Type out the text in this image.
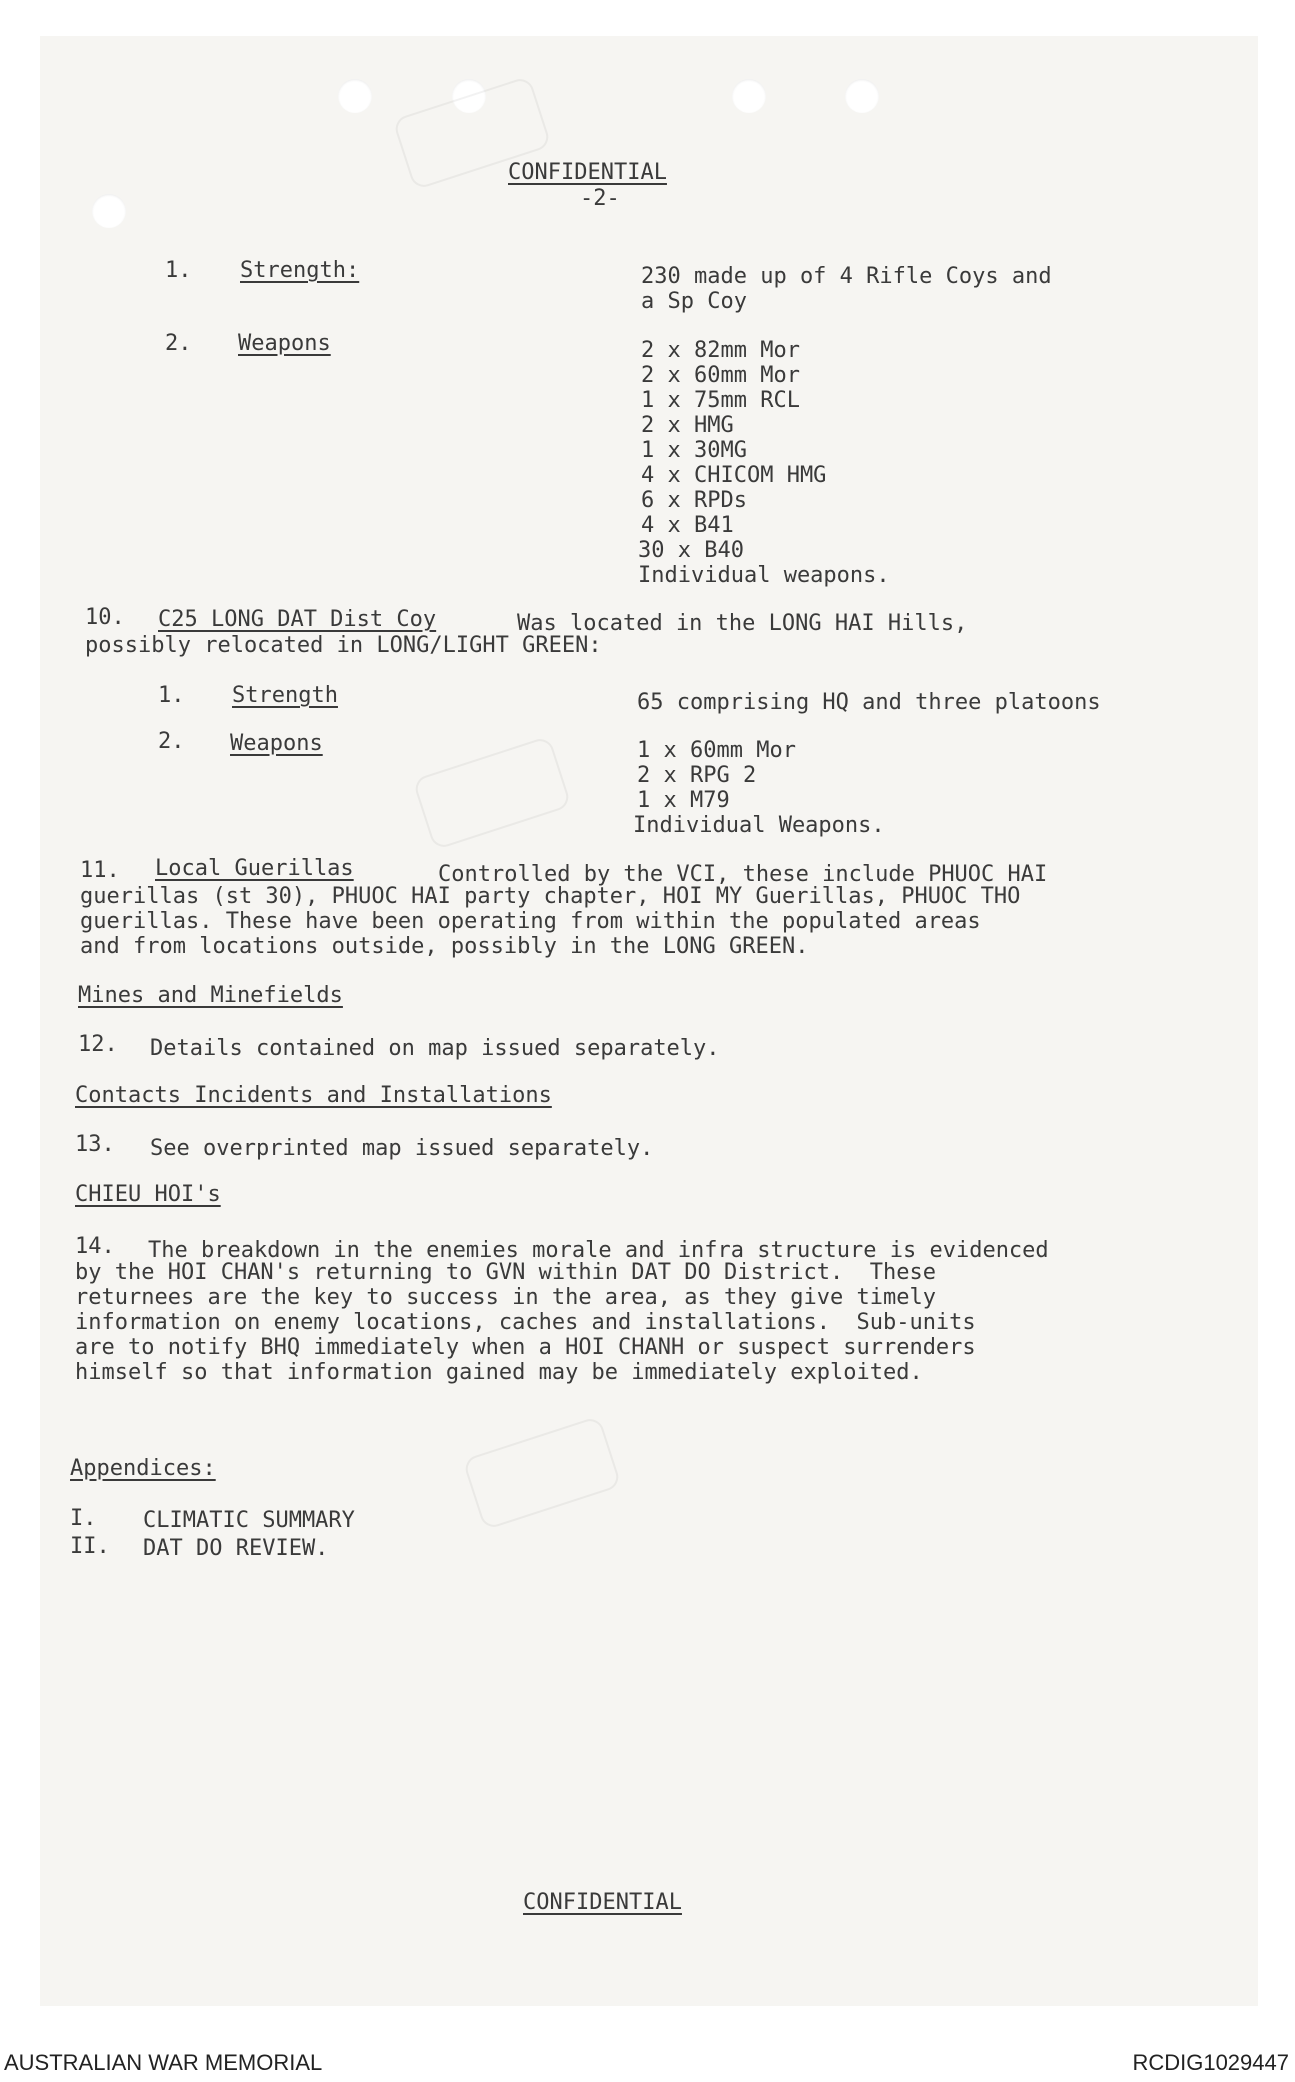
CONFIDENTIAL
-2-
1. Strength:	230 made up of 4 Rifle Coys and
a Sp Coy
2. Weapons	2 x 82mm Mor
2 x 60mm Mor
1 x 75mm RCL
2 x HMG
1 x 30MG
4 x CHICOM HMG
6 x RPDs
4 x B41
30 x B40
Individual weapons.
10. C25 LONG DAT Dist Coy	Was located in the LONG HAI Hills,
possibly relocated in LONG/LIGHT GREEN:
1. Strength	65 comprising HQ and three platoons
2. Weapons	1 x 60mm Mor
2 x RPG 2
1 x M79
Individual Weapons.
11. Local Guerillas	Controlled by the VCI, these include PHUOC HAI
guerillas (st 30), PHUOC HAI party chapter, HOI MY Guerillas, PHUOC THO
guerillas. These have been operating from within the populated areas
and from locations outside, possibly in the LONG GREEN.
Mines and Minefields
12. Details contained on map issued separately.
Contacts Incidents and Installations
13. See overprinted map issued separately.
CHIEU HOI's
14. The breakdown in the enemies morale and infra structure is evidenced
by the HOI CHAN's returning to GVN within DAT DO District.  These
returnees are the key to success in the area, as they give timely
information on enemy locations, caches and installations.  Sub-units
are to notify BHQ immediately when a HOI CHANH or suspect surrenders
himself so that information gained may be immediately exploited.
Appendices:
I. CLIMATIC SUMMARY
II. DAT DO REVIEW.
CONFIDENTIAL
AUSTRALIAN WAR MEMORIAL	RCDIG1029447
